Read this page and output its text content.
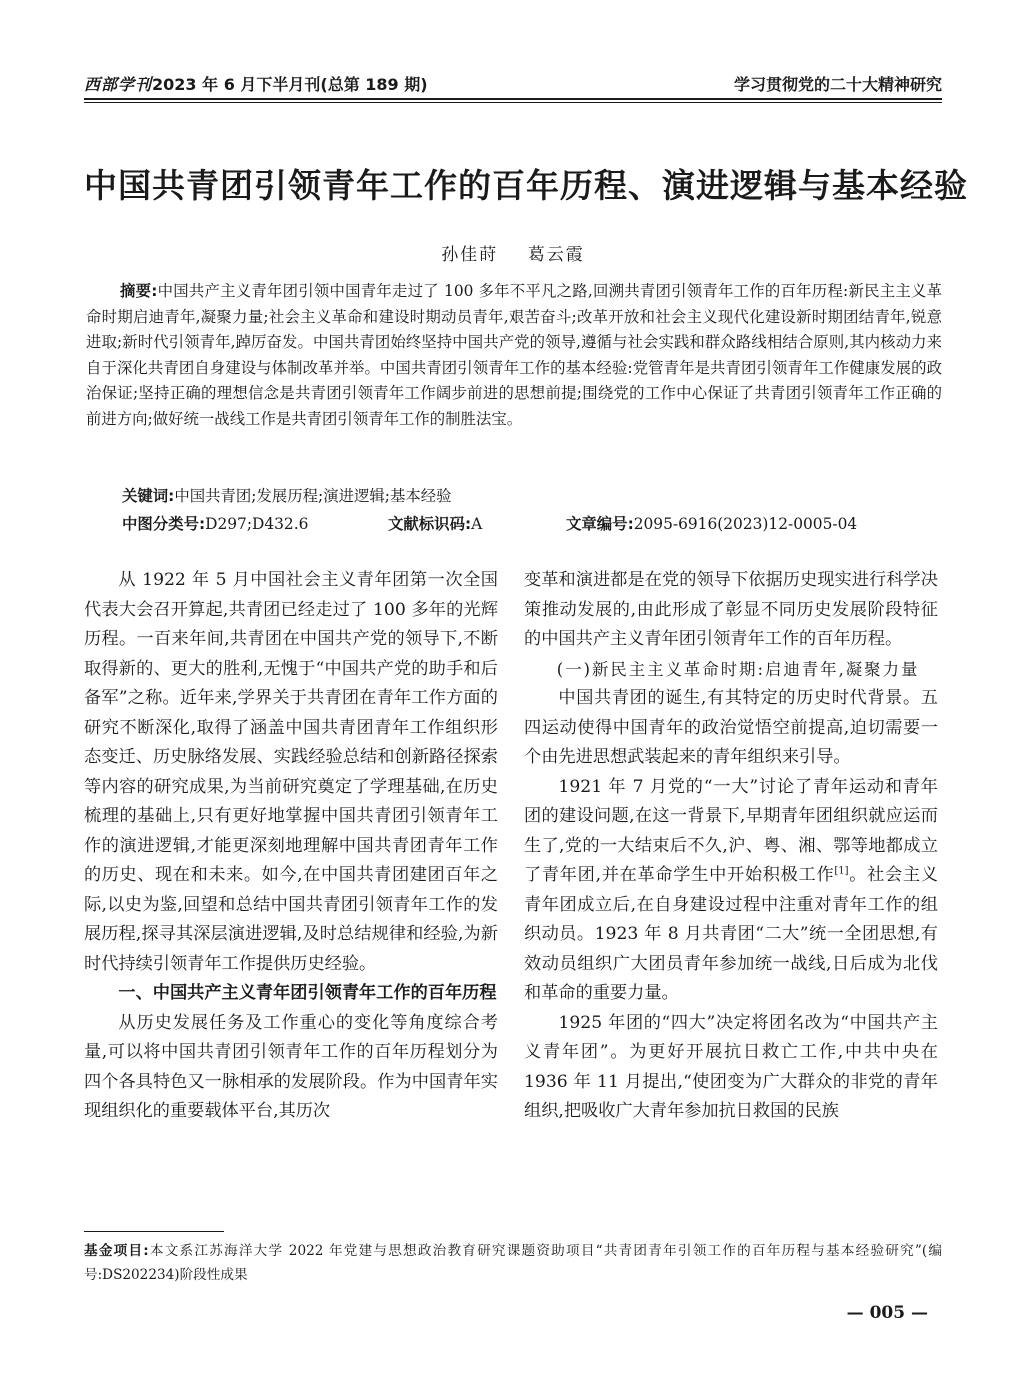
西部学刊2023 年 6 月下半月刊(总第 189 期)	学习贯彻党的二十大精神研究
中国共青团引领青年工作的百年历程、演进逻辑与基本经验
孙佳莳    葛云霞
摘要:中国共产主义青年团引领中国青年走过了 100 多年不平凡之路,回溯共青团引领青年工作的百年历程:新民主主义革命时期启迪青年,凝聚力量;社会主义革命和建设时期动员青年,艰苦奋斗;改革开放和社会主义现代化建设新时期团结青年,锐意进取;新时代引领青年,踔厉奋发。中国共青团始终坚持中国共产党的领导,遵循与社会实践和群众路线相结合原则,其内核动力来自于深化共青团自身建设与体制改革并举。中国共青团引领青年工作的基本经验:党管青年是共青团引领青年工作健康发展的政治保证;坚持正确的理想信念是共青团引领青年工作阔步前进的思想前提;围绕党的工作中心保证了共青团引领青年工作正确的前进方向;做好统一战线工作是共青团引领青年工作的制胜法宝。
关键词:中国共青团;发展历程;演进逻辑;基本经验
中图分类号:D297;D432.6	文献标识码:A	文章编号:2095-6916(2023)12-0005-04

从 1922 年 5 月中国社会主义青年团第一次全国代表大会召开算起,共青团已经走过了 100 多年的光辉历程。一百来年间,共青团在中国共产党的领导下,不断取得新的、更大的胜利,无愧于“中国共产党的助手和后备军”之称。近年来,学界关于共青团在青年工作方面的研究不断深化,取得了涵盖中国共青团青年工作组织形态变迁、历史脉络发展、实践经验总结和创新路径探索等内容的研究成果,为当前研究奠定了学理基础,在历史梳理的基础上,只有更好地掌握中国共青团引领青年工作的演进逻辑,才能更深刻地理解中国共青团青年工作的历史、现在和未来。如今,在中国共青团建团百年之际,以史为鉴,回望和总结中国共青团引领青年工作的发展历程,探寻其深层演进逻辑,及时总结规律和经验,为新时代持续引领青年工作提供历史经验。

一、中国共产主义青年团引领青年工作的百年历程

从历史发展任务及工作重心的变化等角度综合考量,可以将中国共青团引领青年工作的百年历程划分为四个各具特色又一脉相承的发展阶段。作为中国青年实现组织化的重要载体平台,其历次

变革和演进都是在党的领导下依据历史现实进行科学决策推动发展的,由此形成了彰显不同历史发展阶段特征的中国共产主义青年团引领青年工作的百年历程。

(一)新民主主义革命时期:启迪青年,凝聚力量

中国共青团的诞生,有其特定的历史时代背景。五四运动使得中国青年的政治觉悟空前提高,迫切需要一个由先进思想武装起来的青年组织来引导。

1921 年 7 月党的“一大”讨论了青年运动和青年团的建设问题,在这一背景下,早期青年团组织就应运而生了,党的一大结束后不久,沪、粤、湘、鄂等地都成立了青年团,并在革命学生中开始积极工作[1]。社会主义青年团成立后,在自身建设过程中注重对青年工作的组织动员。1923 年 8 月共青团“二大”统一全团思想,有效动员组织广大团员青年参加统一战线,日后成为北伐和革命的重要力量。

1925 年团的“四大”决定将团名改为“中国共产主义青年团”。为更好开展抗日救亡工作,中共中央在 1936 年 11 月提出,“使团变为广大群众的非党的青年组织,把吸收广大青年参加抗日救国的民族

基金项目:本文系江苏海洋大学 2022 年党建与思想政治教育研究课题资助项目“共青团青年引领工作的百年历程与基本经验研究”(编号:DS202234)阶段性成果
— 005 —
